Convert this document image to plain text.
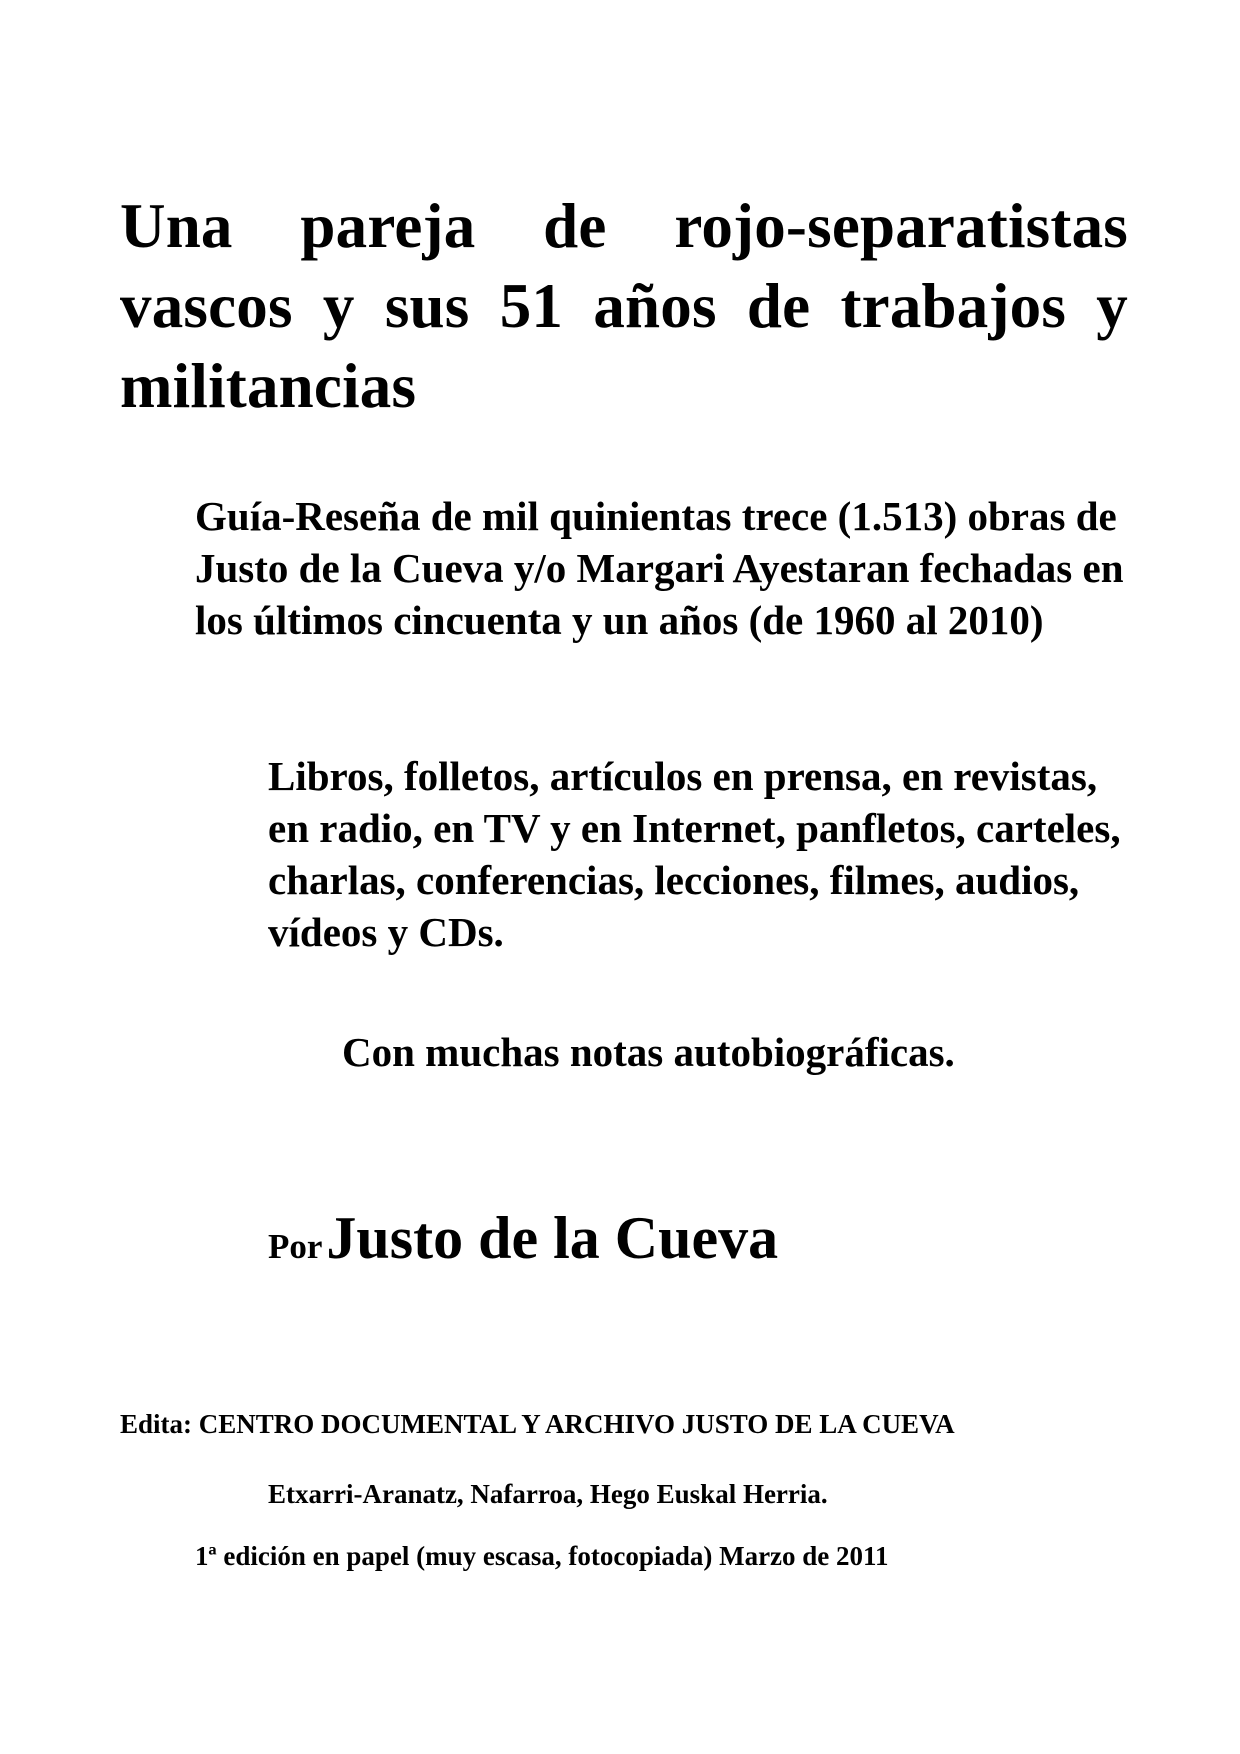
Una pareja de rojo-separatistas vascos y sus 51 años de trabajos y militancias

Guía-Reseña de mil quinientas trece (1.513) obras de Justo de la Cueva y/o Margari Ayestaran fechadas en los últimos cincuenta y un años (de 1960 al 2010)

Libros, folletos, artículos en prensa, en revistas, en radio, en TV y en Internet, panfletos, carteles, charlas, conferencias, lecciones, filmes, audios, vídeos y CDs.

Con muchas notas autobiográficas.

Por Justo de la Cueva

Edita: CENTRO DOCUMENTAL Y ARCHIVO JUSTO DE LA CUEVA

Etxarri-Aranatz, Nafarroa, Hego Euskal Herria.

1ª edición en papel (muy escasa, fotocopiada) Marzo de 2011
